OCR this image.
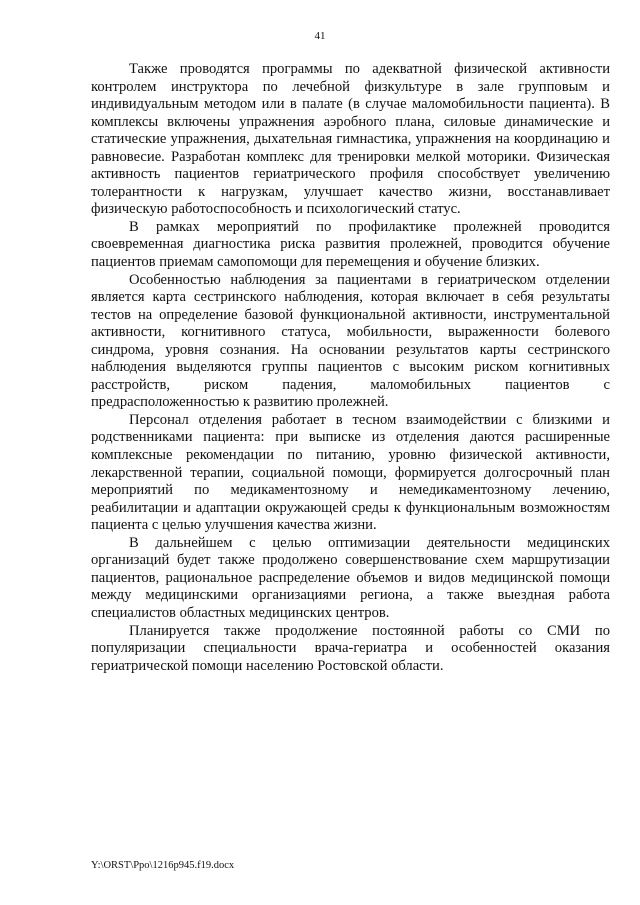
41

Также проводятся программы по адекватной физической активности контролем инструктора по лечебной физкультуре в зале групповым и индивидуальным методом или в палате (в случае маломобильности пациента). В комплексы включены упражнения аэробного плана, силовые динамические и статические упражнения, дыхательная гимнастика, упражнения на координацию и равновесие. Разработан комплекс для тренировки мелкой моторики. Физическая активность пациентов гериатрического профиля способствует увеличению толерантности к нагрузкам, улучшает качество жизни, восстанавливает физическую работоспособность и психологический статус.

В рамках мероприятий по профилактике пролежней проводится своевременная диагностика риска развития пролежней, проводится обучение пациентов приемам самопомощи для перемещения и обучение близких.

Особенностью наблюдения за пациентами в гериатрическом отделении является карта сестринского наблюдения, которая включает в себя результаты тестов на определение базовой функциональной активности, инструментальной активности, когнитивного статуса, мобильности, выраженности болевого синдрома, уровня сознания. На основании результатов карты сестринского наблюдения выделяются группы пациентов с высоким риском когнитивных расстройств, риском падения, маломобильных пациентов с предрасположенностью к развитию пролежней.

Персонал отделения работает в тесном взаимодействии с близкими и родственниками пациента: при выписке из отделения даются расширенные комплексные рекомендации по питанию, уровню физической активности, лекарственной терапии, социальной помощи, формируется долгосрочный план мероприятий по медикаментозному и немедикаментозному лечению, реабилитации и адаптации окружающей среды к функциональным возможностям пациента с целью улучшения качества жизни.

В дальнейшем с целью оптимизации деятельности медицинских организаций будет также продолжено совершенствование схем маршрутизации пациентов, рациональное распределение объемов и видов медицинской помощи между медицинскими организациями региона, а также выездная работа специалистов областных медицинских центров.

Планируется также продолжение постоянной работы со СМИ по популяризации специальности врача-гериатра и особенностей оказания гериатрической помощи населению Ростовской области.

Y:\ORST\Ppo\1216p945.f19.docx
